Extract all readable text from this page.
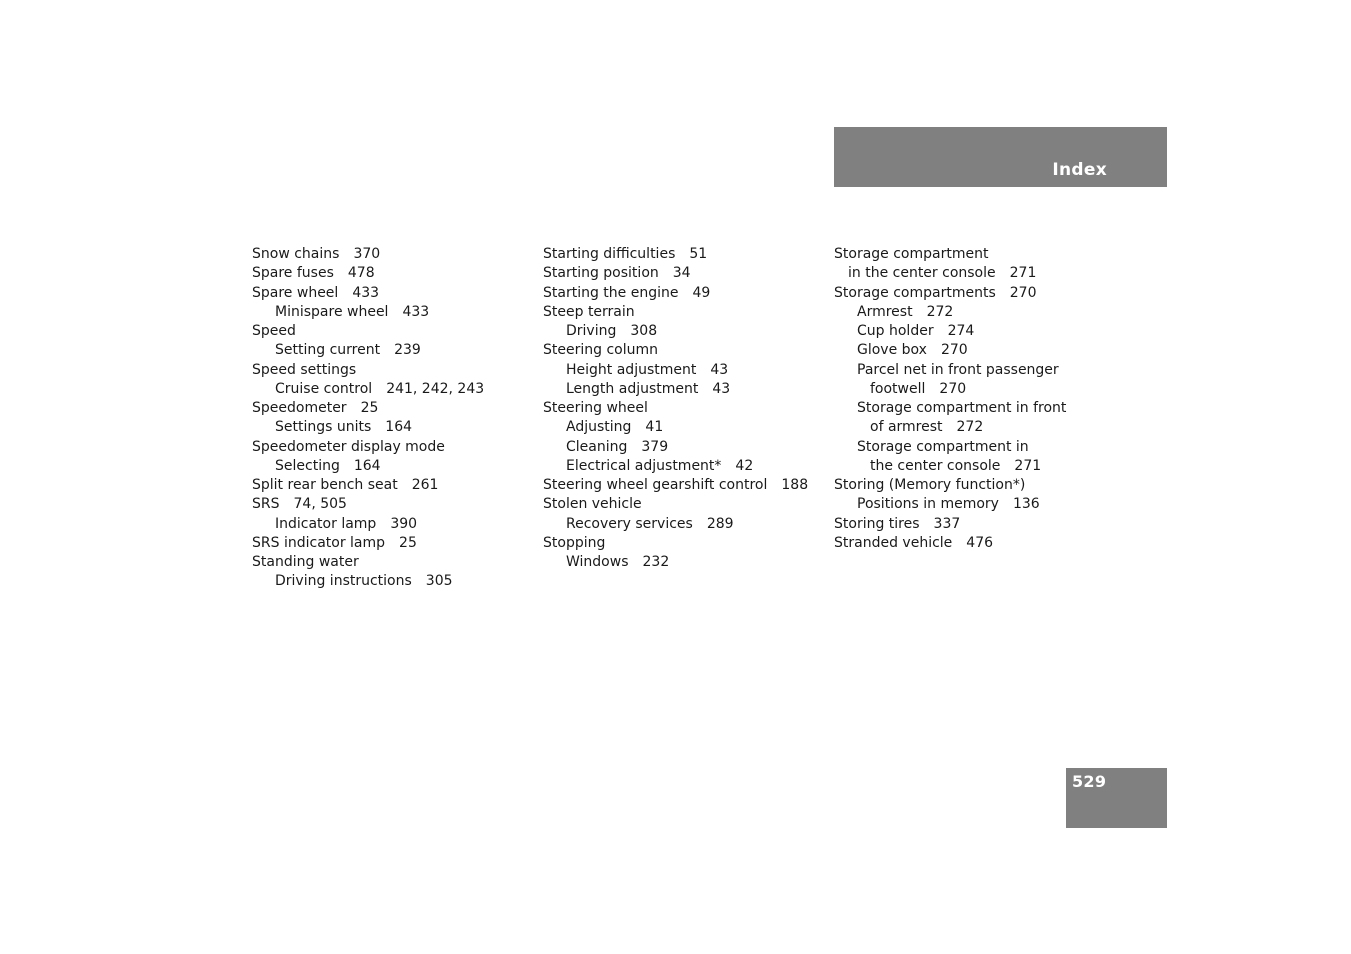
Index
Snow chains 370
Spare fuses 478
Spare wheel 433
Minispare wheel 433
Speed
Setting current 239
Speed settings
Cruise control 241, 242, 243
Speedometer 25
Settings units 164
Speedometer display mode
Selecting 164
Split rear bench seat 261
SRS 74, 505
Indicator lamp 390
SRS indicator lamp 25
Standing water
Driving instructions 305
Starting difficulties 51
Starting position 34
Starting the engine 49
Steep terrain
Driving 308
Steering column
Height adjustment 43
Length adjustment 43
Steering wheel
Adjusting 41
Cleaning 379
Electrical adjustment* 42
Steering wheel gearshift control 188
Stolen vehicle
Recovery services 289
Stopping
Windows 232
Storage compartment
in the center console 271
Storage compartments 270
Armrest 272
Cup holder 274
Glove box 270
Parcel net in front passenger
footwell 270
Storage compartment in front
of armrest 272
Storage compartment in
the center console 271
Storing (Memory function*)
Positions in memory 136
Storing tires 337
Stranded vehicle 476
529
